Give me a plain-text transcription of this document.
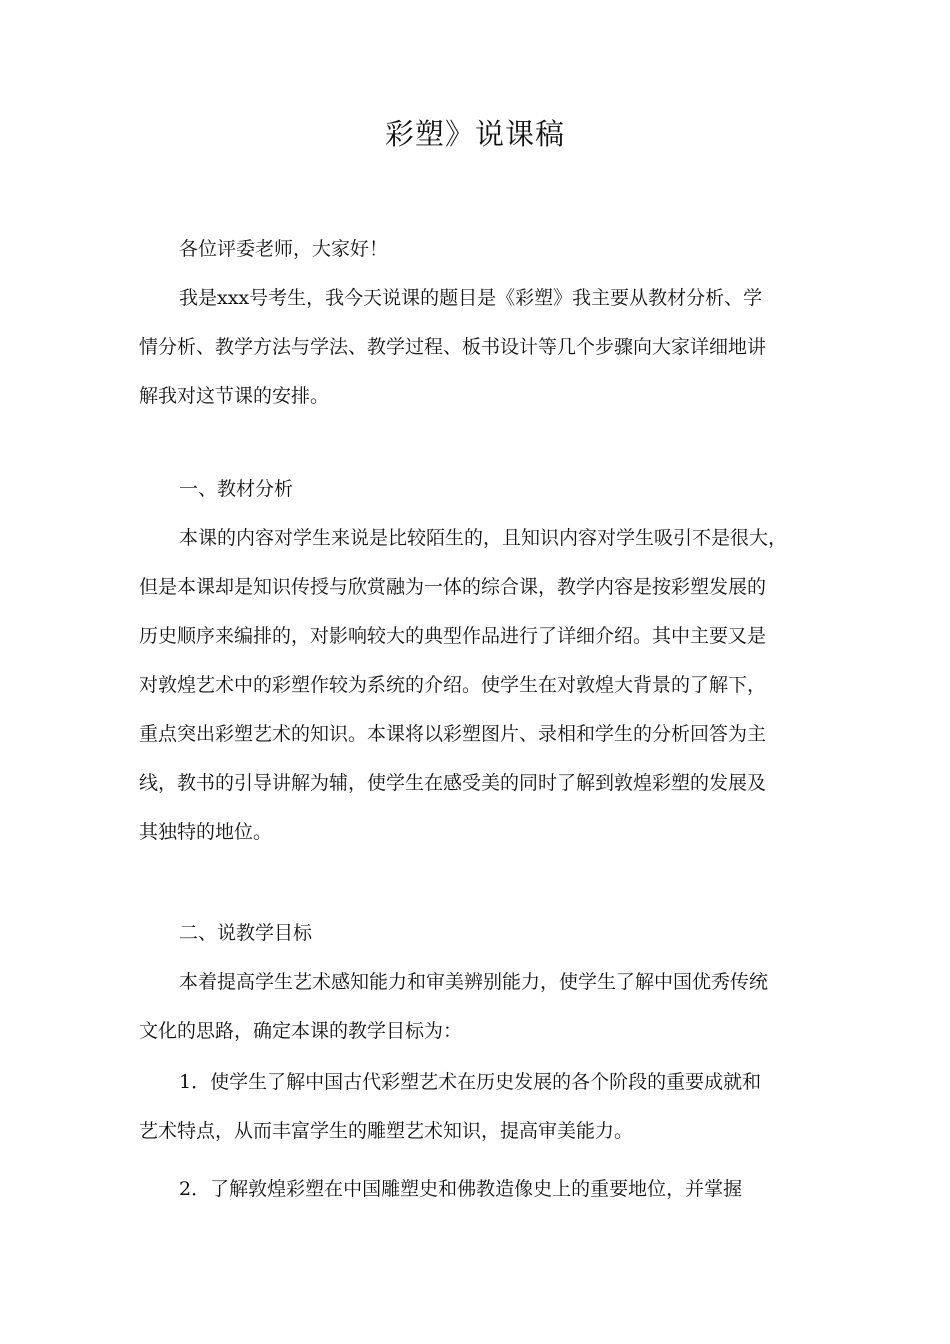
彩塑》说课稿
各位评委老师，大家好！
我是xxx号考生，我今天说课的题目是《彩塑》我主要从教材分析、学
情分析、教学方法与学法、教学过程、板书设计等几个步骤向大家详细地讲
解我对这节课的安排。
一、教材分析
本课的内容对学生来说是比较陌生的，且知识内容对学生吸引不是很大，
但是本课却是知识传授与欣赏融为一体的综合课，教学内容是按彩塑发展的
历史顺序来编排的，对影响较大的典型作品进行了详细介绍。其中主要又是
对敦煌艺术中的彩塑作较为系统的介绍。使学生在对敦煌大背景的了解下，
重点突出彩塑艺术的知识。本课将以彩塑图片、录相和学生的分析回答为主
线，教书的引导讲解为辅，使学生在感受美的同时了解到敦煌彩塑的发展及
其独特的地位。
二、说教学目标
本着提高学生艺术感知能力和审美辨别能力，使学生了解中国优秀传统
文化的思路，确定本课的教学目标为：
1．使学生了解中国古代彩塑艺术在历史发展的各个阶段的重要成就和
艺术特点，从而丰富学生的雕塑艺术知识，提高审美能力。
2．了解敦煌彩塑在中国雕塑史和佛教造像史上的重要地位，并掌握
